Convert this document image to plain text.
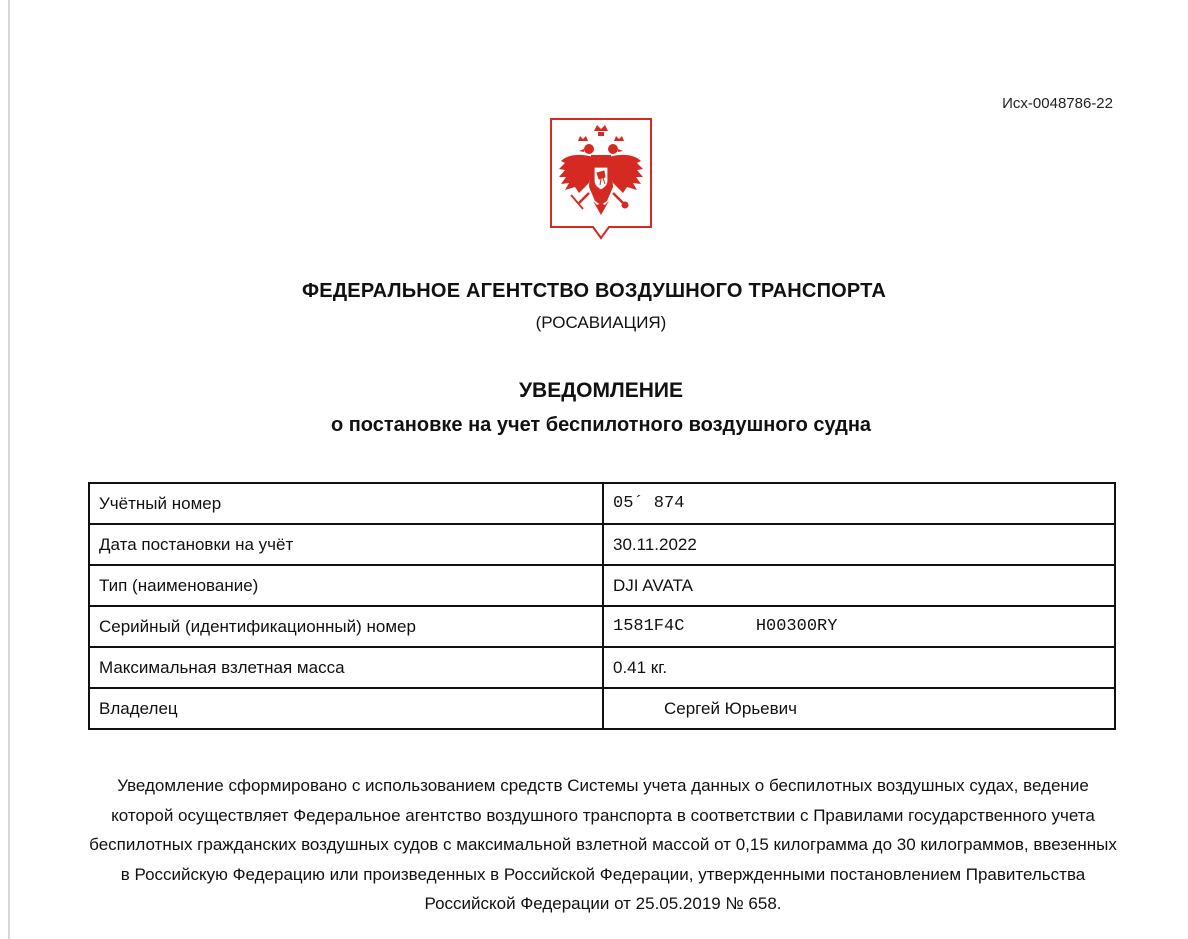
Исх-0048786-22
ФЕДЕРАЛЬНОЕ АГЕНТСТВО ВОЗДУШНОГО ТРАНСПОРТА
(РОСАВИАЦИЯ)
УВЕДОМЛЕНИЕ
о постановке на учет беспилотного воздушного судна
Учётный номер	05´ 874
Дата постановки на учёт	30.11.2022
Тип (наименование)	DJI AVATA
Серийный (идентификационный) номер	1581F4C       H00300RY
Максимальная взлетная масса	0.41 кг.
Владелец	Сергей Юрьевич
Уведомление сформировано с использованием средств Системы учета данных о беспилотных воздушных судах, ведение которой осуществляет Федеральное агентство воздушного транспорта в соответствии с Правилами государственного учета беспилотных гражданских воздушных судов с максимальной взлетной массой от 0,15 килограмма до 30 килограммов, ввезенных в Российскую Федерацию или произведенных в Российской Федерации, утвержденными постановлением Правительства Российской Федерации от 25.05.2019 № 658.
